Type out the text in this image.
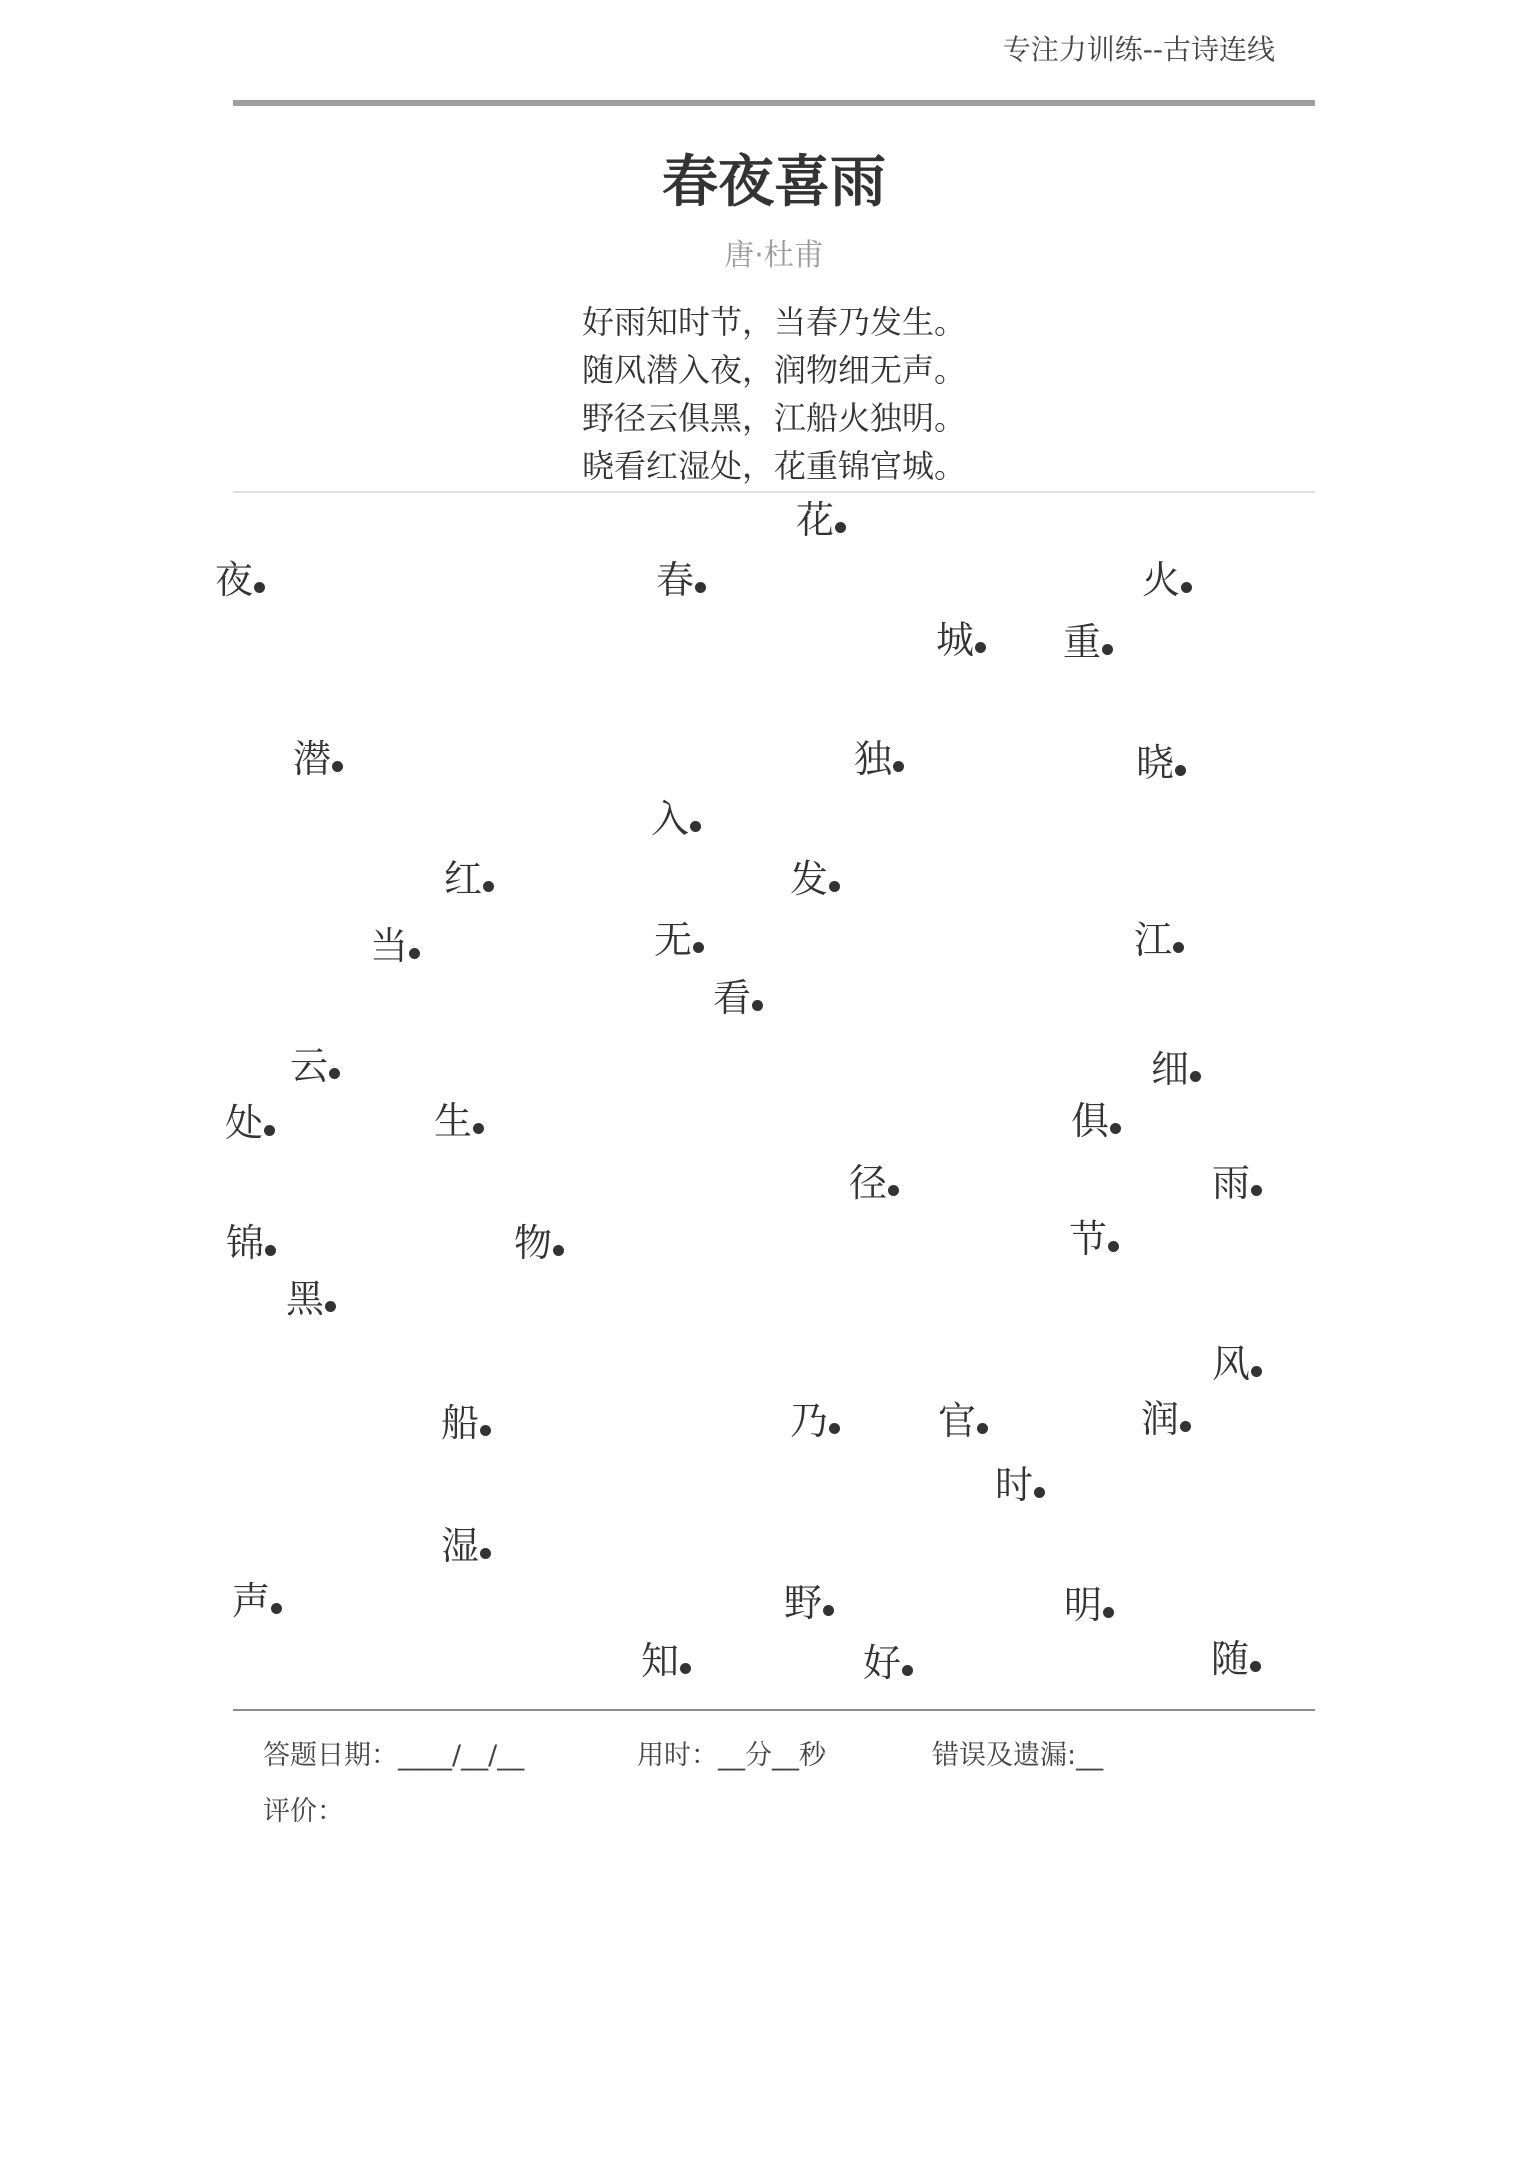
专注力训练--古诗连线
春夜喜雨
唐·杜甫
好雨知时节，当春乃发生。
随风潜入夜，润物细无声。
野径云俱黑，江船火独明。
晓看红湿处，花重锦官城。
花
夜	春	火
城 重
潜	独	晓
入
红	发
当	无	江
看
云	细
处	生	俱
径	雨
锦	物	节
黑
风
船	乃	官	润
时
湿
声	野	明
知	好	随
答题日期：____/__/__	用时：__分__秒	错误及遗漏:__
评价：
